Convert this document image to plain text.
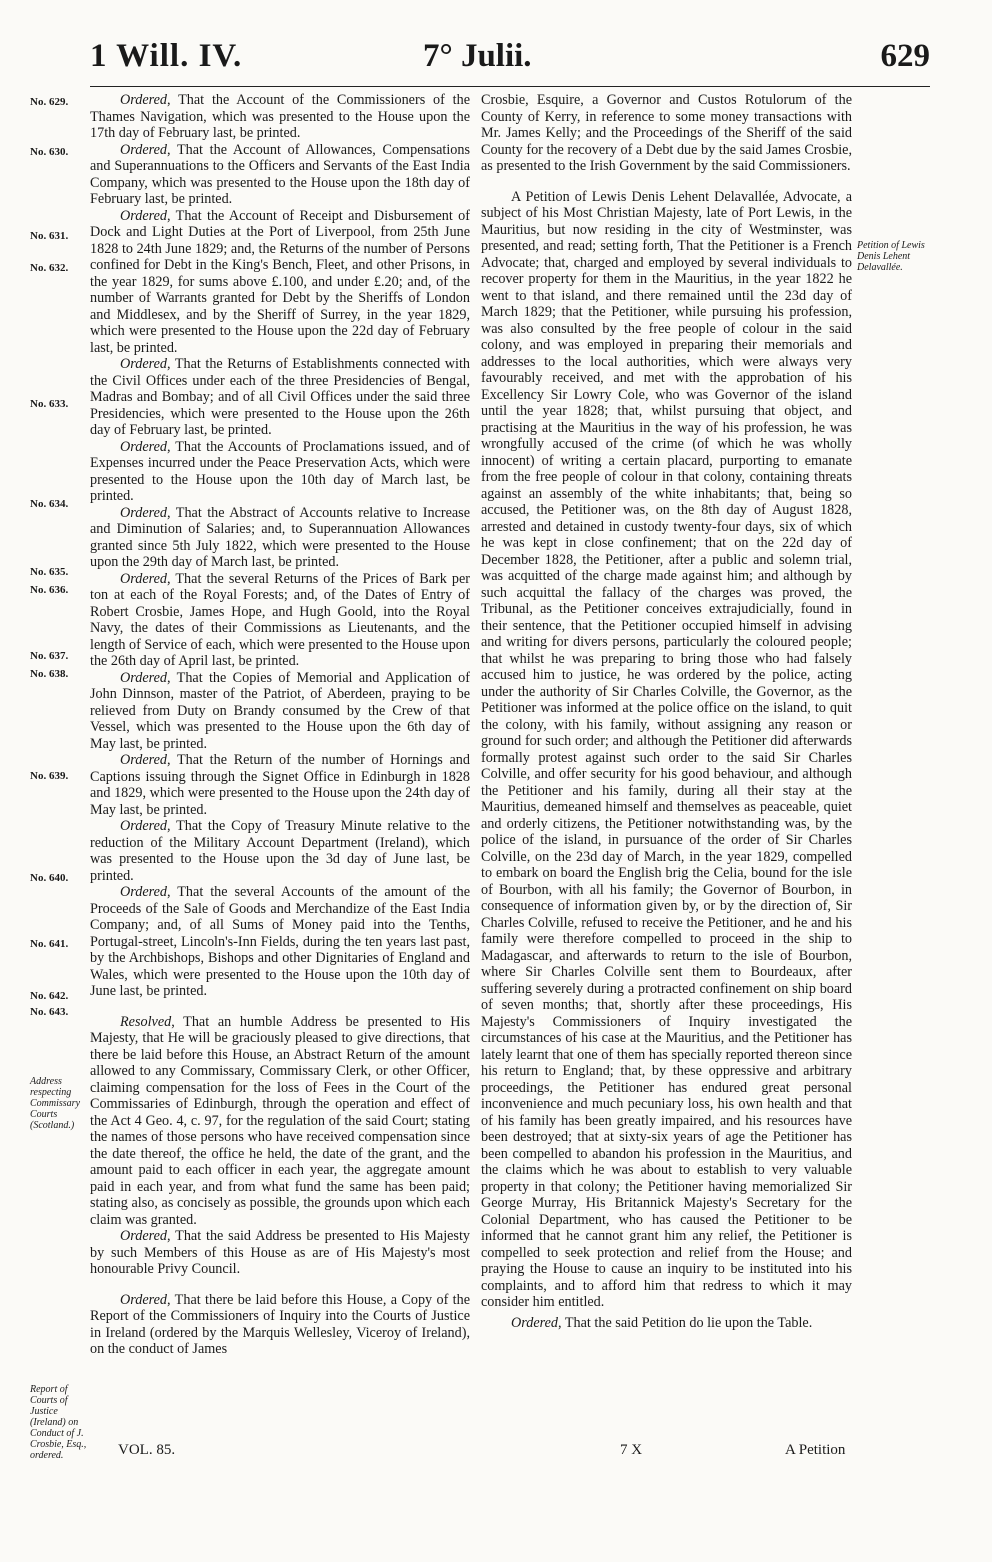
1 Will. IV.	7° Julii.	629
No. 629.
No. 630.
No. 631.
No. 632.
No. 633.
No. 634.
No. 635.
No. 636.
No. 637.
No. 638.
No. 639.
No. 640.
No. 641.
No. 642.
No. 643.
Address respecting Commissary Courts (Scotland.)
Report of Courts of Justice (Ireland) on Conduct of J. Crosbie, Esq., ordered.
Petition of Lewis Denis Lehent Delavallée.

Ordered, That the Account of the Commissioners of the Thames Navigation, which was presented to the House upon the 17th day of February last, be printed.

Ordered, That the Account of Allowances, Compensations and Superannuations to the Officers and Servants of the East India Company, which was presented to the House upon the 18th day of February last, be printed.

Ordered, That the Account of Receipt and Disbursement of Dock and Light Duties at the Port of Liverpool, from 25th June 1828 to 24th June 1829; and, the Returns of the number of Persons confined for Debt in the King's Bench, Fleet, and other Prisons, in the year 1829, for sums above £.100, and under £.20; and, of the number of Warrants granted for Debt by the Sheriffs of London and Middlesex, and by the Sheriff of Surrey, in the year 1829, which were presented to the House upon the 22d day of February last, be printed.

Ordered, That the Returns of Establishments connected with the Civil Offices under each of the three Presidencies of Bengal, Madras and Bombay; and of all Civil Offices under the said three Presidencies, which were presented to the House upon the 26th day of February last, be printed.

Ordered, That the Accounts of Proclamations issued, and of Expenses incurred under the Peace Preservation Acts, which were presented to the House upon the 10th day of March last, be printed.

Ordered, That the Abstract of Accounts relative to Increase and Diminution of Salaries; and, to Superannuation Allowances granted since 5th July 1822, which were presented to the House upon the 29th day of March last, be printed.

Ordered, That the several Returns of the Prices of Bark per ton at each of the Royal Forests; and, of the Dates of Entry of Robert Crosbie, James Hope, and Hugh Goold, into the Royal Navy, the dates of their Commissions as Lieutenants, and the length of Service of each, which were presented to the House upon the 26th day of April last, be printed.

Ordered, That the Copies of Memorial and Application of John Dinnson, master of the Patriot, of Aberdeen, praying to be relieved from Duty on Brandy consumed by the Crew of that Vessel, which was presented to the House upon the 6th day of May last, be printed.

Ordered, That the Return of the number of Hornings and Captions issuing through the Signet Office in Edinburgh in 1828 and 1829, which were presented to the House upon the 24th day of May last, be printed.

Ordered, That the Copy of Treasury Minute relative to the reduction of the Military Account Department (Ireland), which was presented to the House upon the 3d day of June last, be printed.

Ordered, That the several Accounts of the amount of the Proceeds of the Sale of Goods and Merchandize of the East India Company; and, of all Sums of Money paid into the Tenths, Portugal-street, Lincoln's-Inn Fields, during the ten years last past, by the Archbishops, Bishops and other Dignitaries of England and Wales, which were presented to the House upon the 10th day of June last, be printed.

Resolved, That an humble Address be presented to His Majesty, that He will be graciously pleased to give directions, that there be laid before this House, an Abstract Return of the amount allowed to any Commissary, Commissary Clerk, or other Officer, claiming compensation for the loss of Fees in the Court of the Commissaries of Edinburgh, through the operation and effect of the Act 4 Geo. 4, c. 97, for the regulation of the said Court; stating the names of those persons who have received compensation since the date thereof, the office he held, the date of the grant, and the amount paid to each officer in each year, the aggregate amount paid in each year, and from what fund the same has been paid; stating also, as concisely as possible, the grounds upon which each claim was granted.

Ordered, That the said Address be presented to His Majesty by such Members of this House as are of His Majesty's most honourable Privy Council.

Ordered, That there be laid before this House, a Copy of the Report of the Commissioners of Inquiry into the Courts of Justice in Ireland (ordered by the Marquis Wellesley, Viceroy of Ireland), on the conduct of James

Crosbie, Esquire, a Governor and Custos Rotulorum of the County of Kerry, in reference to some money transactions with Mr. James Kelly; and the Proceedings of the Sheriff of the said County for the recovery of a Debt due by the said James Crosbie, as presented to the Irish Government by the said Commissioners.

A Petition of Lewis Denis Lehent Delavallée, Advocate, a subject of his Most Christian Majesty, late of Port Lewis, in the Mauritius, but now residing in the city of Westminster, was presented, and read; setting forth, That the Petitioner is a French Advocate; that, charged and employed by several individuals to recover property for them in the Mauritius, in the year 1822 he went to that island, and there remained until the 23d day of March 1829; that the Petitioner, while pursuing his profession, was also consulted by the free people of colour in the said colony, and was employed in preparing their memorials and addresses to the local authorities, which were always very favourably received, and met with the approbation of his Excellency Sir Lowry Cole, who was Governor of the island until the year 1828; that, whilst pursuing that object, and practising at the Mauritius in the way of his profession, he was wrongfully accused of the crime (of which he was wholly innocent) of writing a certain placard, purporting to emanate from the free people of colour in that colony, containing threats against an assembly of the white inhabitants; that, being so accused, the Petitioner was, on the 8th day of August 1828, arrested and detained in custody twenty-four days, six of which he was kept in close confinement; that on the 22d day of December 1828, the Petitioner, after a public and solemn trial, was acquitted of the charge made against him; and although by such acquittal the fallacy of the charges was proved, the Tribunal, as the Petitioner conceives extrajudicially, found in their sentence, that the Petitioner occupied himself in advising and writing for divers persons, particularly the coloured people; that whilst he was preparing to bring those who had falsely accused him to justice, he was ordered by the police, acting under the authority of Sir Charles Colville, the Governor, as the Petitioner was informed at the police office on the island, to quit the colony, with his family, without assigning any reason or ground for such order; and although the Petitioner did afterwards formally protest against such order to the said Sir Charles Colville, and offer security for his good behaviour, and although the Petitioner and his family, during all their stay at the Mauritius, demeaned himself and themselves as peaceable, quiet and orderly citizens, the Petitioner notwithstanding was, by the police of the island, in pursuance of the order of Sir Charles Colville, on the 23d day of March, in the year 1829, compelled to embark on board the English brig the Celia, bound for the isle of Bourbon, with all his family; the Governor of Bourbon, in consequence of information given by, or by the direction of, Sir Charles Colville, refused to receive the Petitioner, and he and his family were therefore compelled to proceed in the ship to Madagascar, and afterwards to return to the isle of Bourbon, where Sir Charles Colville sent them to Bourdeaux, after suffering severely during a protracted confinement on ship board of seven months; that, shortly after these proceedings, His Majesty's Commissioners of Inquiry investigated the circumstances of his case at the Mauritius, and the Petitioner has lately learnt that one of them has specially reported thereon since his return to England; that, by these oppressive and arbitrary proceedings, the Petitioner has endured great personal inconvenience and much pecuniary loss, his own health and that of his family has been greatly impaired, and his resources have been destroyed; that at sixty-six years of age the Petitioner has been compelled to abandon his profession in the Mauritius, and the claims which he was about to establish to very valuable property in that colony; the Petitioner having memorialized Sir George Murray, His Britannick Majesty's Secretary for the Colonial Department, who has caused the Petitioner to be informed that he cannot grant him any relief, the Petitioner is compelled to seek protection and relief from the House; and praying the House to cause an inquiry to be instituted into his complaints, and to afford him that redress to which it may consider him entitled.

Ordered, That the said Petition do lie upon the Table.

VOL. 85.	7 X	A Petition
